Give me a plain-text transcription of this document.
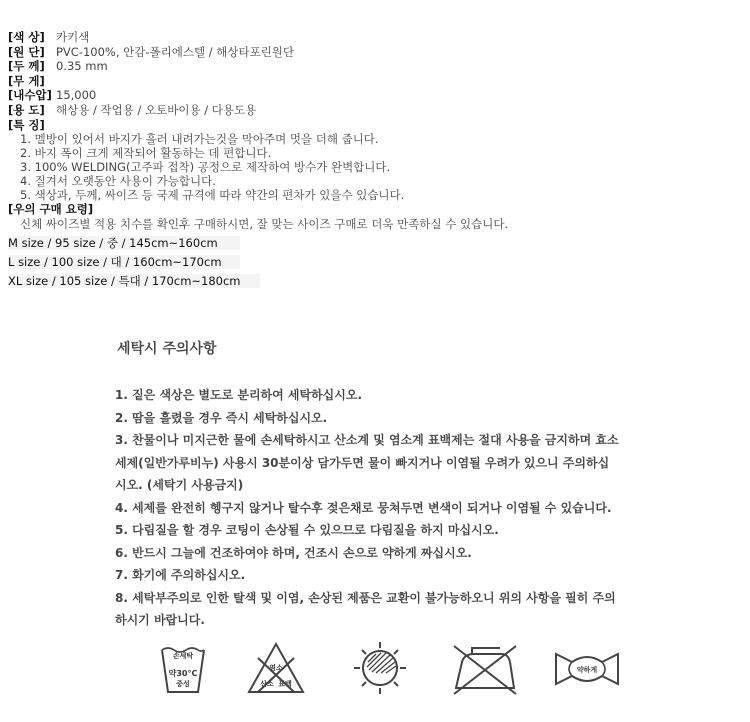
[색 상] 카키색
[원 단] PVC-100%, 안감-폴리에스텔 / 해상타포린원단
[두 께] 0.35 mm
[무 게]
[내수압] 15,000
[용 도] 해상용 / 작업용 / 오토바이용 / 다용도용
[특 징]
1. 멜방이 있어서 바지가 흘러 내려가는것을 막아주며 멋을 더해 줍니다.
2. 바지 폭이 크게 제작되어 활동하는 데 편합니다.
3. 100% WELDING(고주파 접착) 공정으로 제작하여 방수가 완벽합니다.
4. 질겨서 오랫동안 사용이 가능합니다.
5. 색상과, 두께, 싸이즈 등 국제 규격에 따라 약간의 편차가 있을수 있습니다.
[우의 구매 요령]
신체 싸이즈별 적용 치수를 확인후 구매하시면, 잘 맞는 사이즈 구매로 더욱 만족하실 수 있습니다.
M size / 95 size / 중 / 145cm~160cm
L size / 100 size / 대 / 160cm~170cm
XL size / 105 size / 특대 / 170cm~180cm
세탁시 주의사항
1. 짙은 색상은 별도로 분리하여 세탁하십시오.
2. 땀을 흘렸을 경우 즉시 세탁하십시오.
3. 찬물이나 미지근한 물에 손세탁하시고 산소계 및 염소계 표백제는 절대 사용을 금지하며 효소
세제(일반가루비누) 사용시 30분이상 담가두면 물이 빠지거나 이염될 우려가 있으니 주의하십
시오. (세탁기 사용금지)
4. 세제를 완전히 헹구지 않거나 탈수후 젖은채로 뭉쳐두면 변색이 되거나 이염될 수 있습니다.
5. 다림질을 할 경우 코팅이 손상될 수 있으므로 다림질을 하지 마십시오.
6. 반드시 그늘에 건조하여야 하며, 건조시 손으로 약하게 짜십시오.
7. 화기에 주의하십시오.
8. 세탁부주의로 인한 탈색 및 이염, 손상된 제품은 교환이 불가능하오니 위의 사항을 필히 주의
하시기 바랍니다.
손세탁
약30°C
중성
염소
산소 표백
약하게
